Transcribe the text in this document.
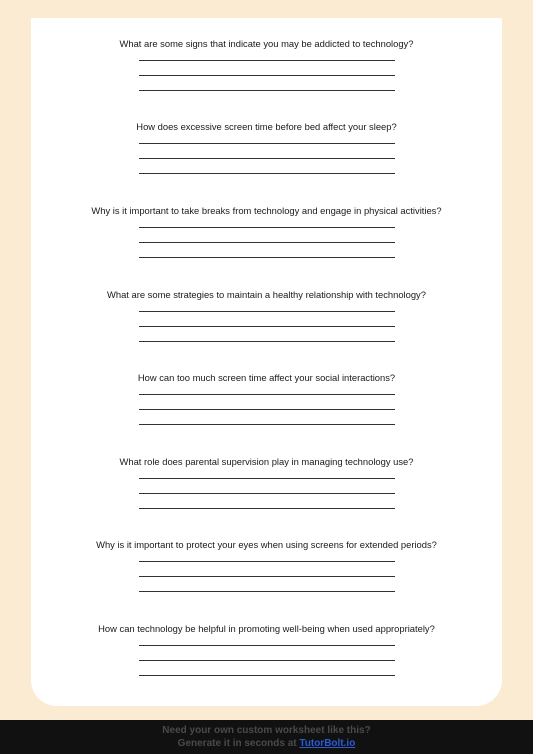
What are some signs that indicate you may be addicted to technology?
How does excessive screen time before bed affect your sleep?
Why is it important to take breaks from technology and engage in physical activities?
What are some strategies to maintain a healthy relationship with technology?
How can too much screen time affect your social interactions?
What role does parental supervision play in managing technology use?
Why is it important to protect your eyes when using screens for extended periods?
How can technology be helpful in promoting well-being when used appropriately?
Need your own custom worksheet like this?
Generate it in seconds at TutorBolt.io
